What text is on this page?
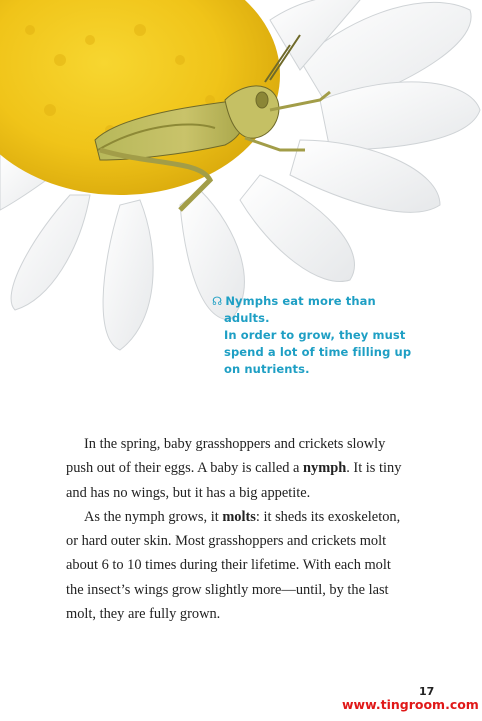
☊ Nymphs eat more than adults.
In order to grow, they must
spend a lot of time filling up
on nutrients.

In the spring, baby grasshoppers and crickets slowly
push out of their eggs. A baby is called a nymph. It is tiny
and has no wings, but it has a big appetite.

As the nymph grows, it molts: it sheds its exoskeleton,
or hard outer skin. Most grasshoppers and crickets molt
about 6 to 10 times during their lifetime. With each molt
the insect’s wings grow slightly more—until, by the last
molt, they are fully grown.

17
www.tingroom.com
